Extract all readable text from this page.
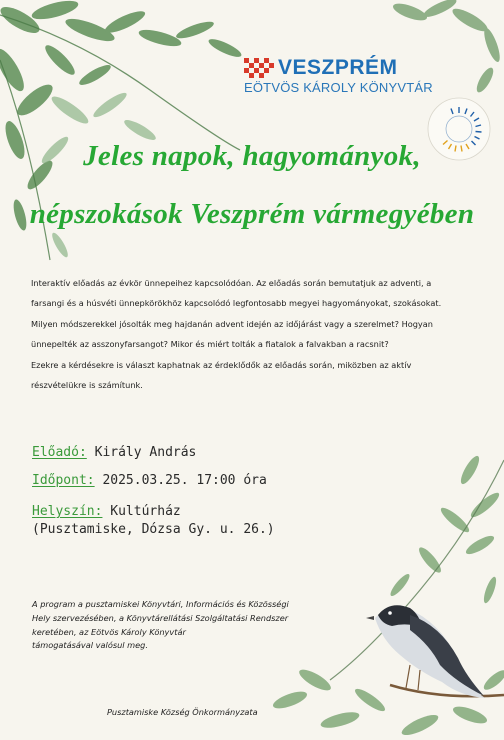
VESZPRÉM
EÖTVÖS KÁROLY KÖNYVTÁR
Jeles napok, hagyományok,
népszokások Veszprém vármegyében

Interaktív előadás az évkör ünnepeihez kapcsolódóan. Az előadás során bemutatjuk az adventi, a

farsangi és a húsvéti ünnepkörökhöz kapcsolódó legfontosabb megyei hagyományokat, szokásokat.

Milyen módszerekkel jósolták meg hajdanán advent idején az időjárást vagy a szerelmet? Hogyan

ünnepelték az asszonyfarsangot? Mikor és miért tolták a fiatalok a falvakban a racsnit?

Ezekre a kérdésekre is választ kaphatnak az érdeklődők az előadás során, miközben az aktív

részvételükre is számítunk.

Előadó: Király András
Időpont: 2025.03.25. 17:00 óra
Helyszín: Kultúrház
(Pusztamiske, Dózsa Gy. u. 26.)

A program a pusztamiskei Könyvtári, Információs és Közösségi

Hely szervezésében, a Könyvtárellátási Szolgáltatási Rendszer

keretében, az Eötvös Károly Könyvtár

támogatásával valósul meg.

Pusztamiske Község Önkormányzata
